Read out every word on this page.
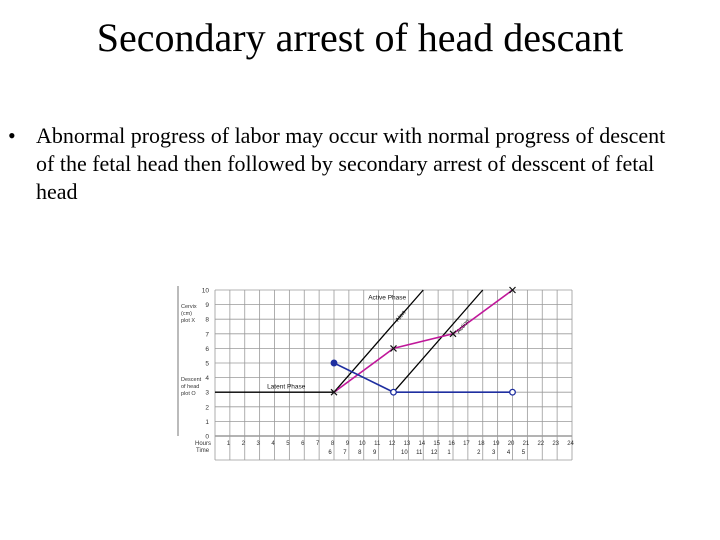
Secondary arrest of head descant
• Abnormal progress of labor may occur with normal progress of descent of the fetal head then followed by secondary arrest of desscent of fetal head
Cervix
(cm)
plot X
Descent
of head
plot O
0
1
2
3
4
5
6
7
8
9
10
1 2 3 4 5 6 7 8 9 10 11 12 13 14 15 16 17 18 19 20 21 22 23 24
Hours
Time	6 7 8 9	10 11 12 1	2 3 4 5
Active Phase
Latent Phase
Alert
Action
